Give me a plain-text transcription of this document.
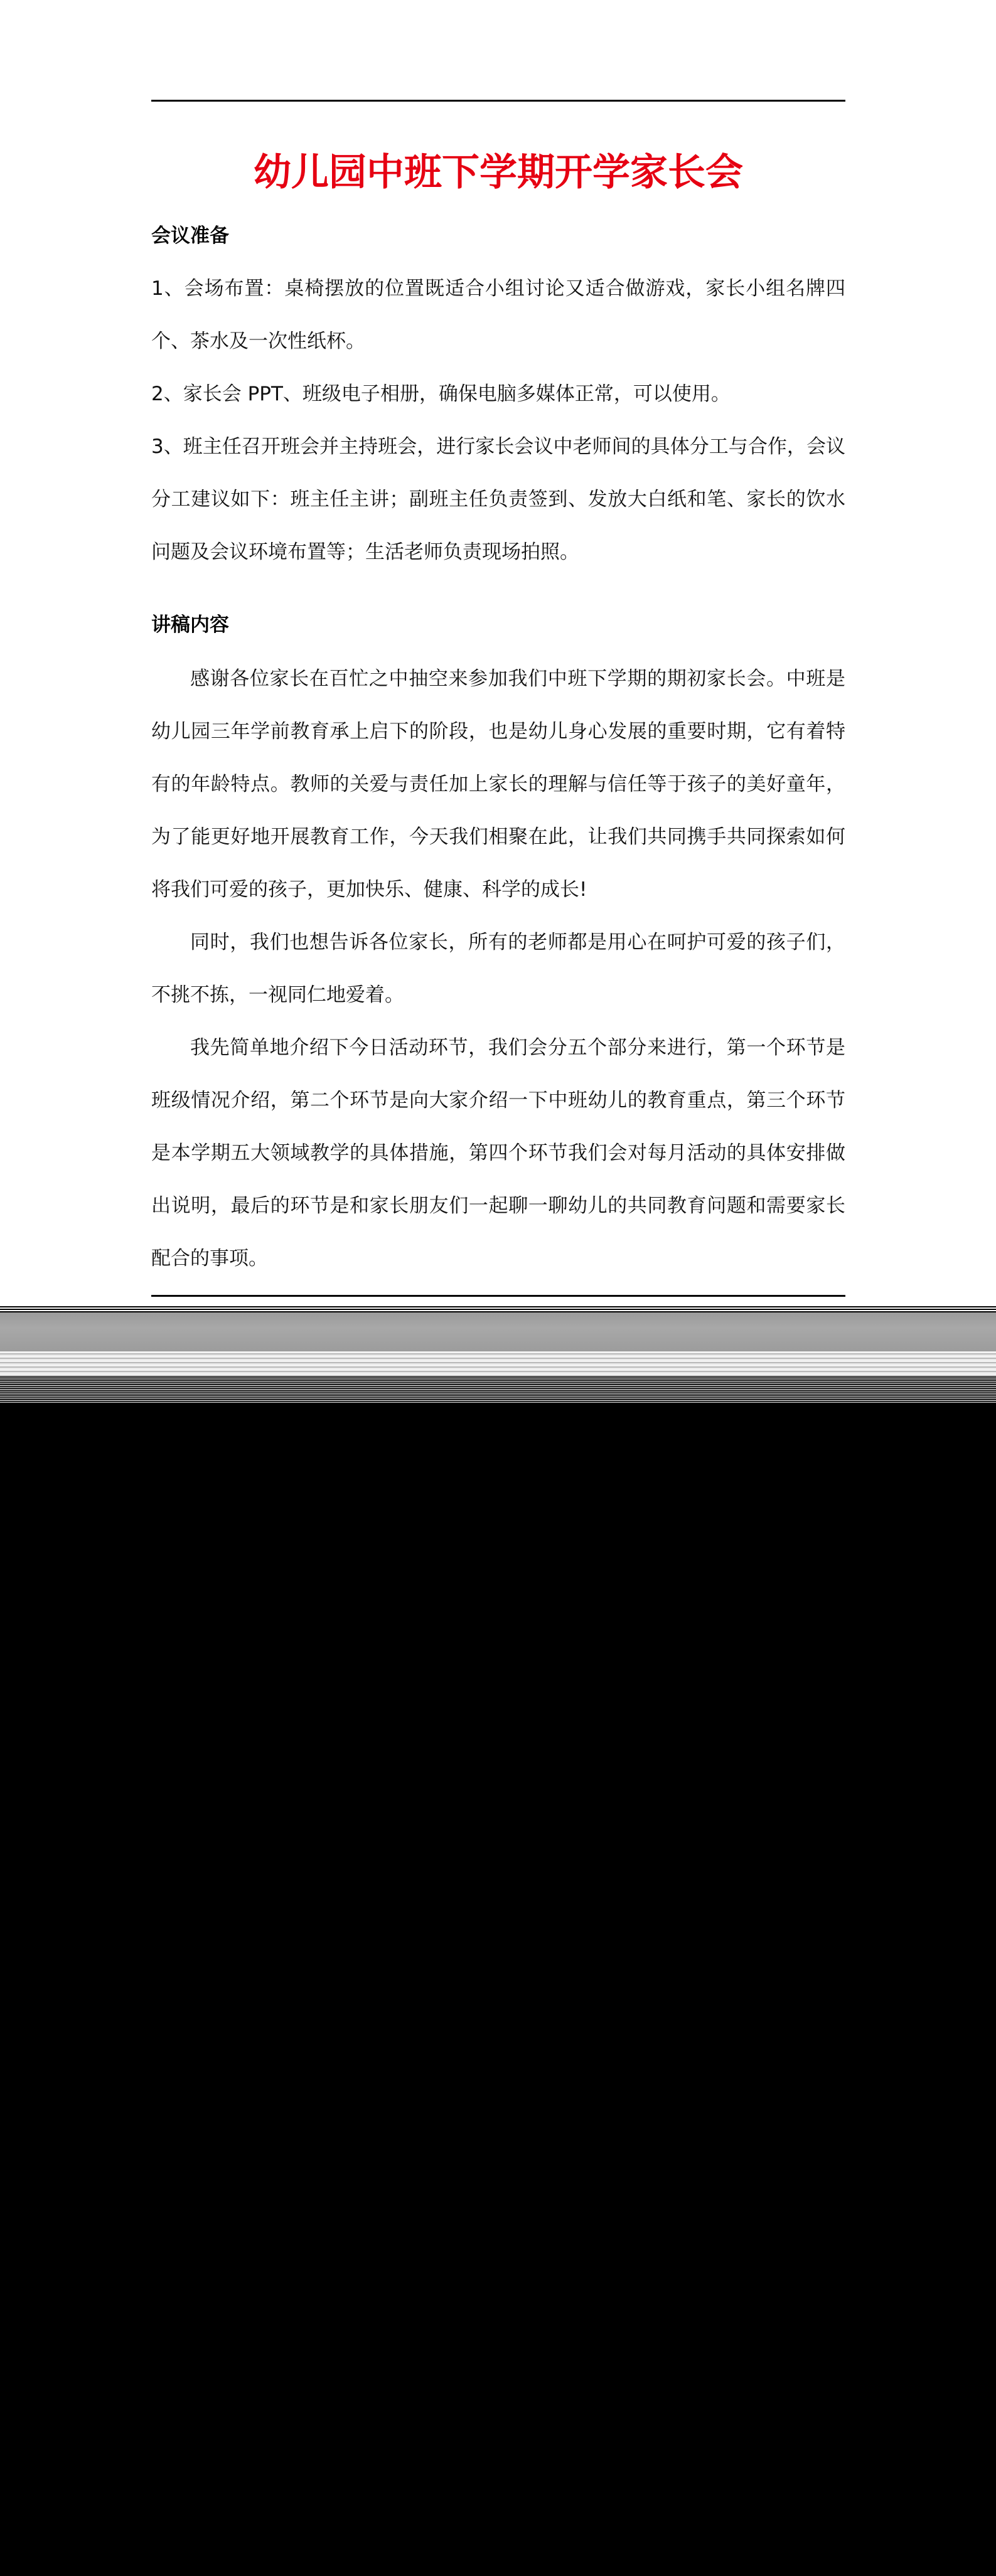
幼儿园中班下学期开学家长会
会议准备

1、会场布置：桌椅摆放的位置既适合小组讨论又适合做游戏，家长小组名牌四个、茶水及一次性纸杯。

2、家长会 PPT、班级电子相册，确保电脑多媒体正常，可以使用。

3、班主任召开班会并主持班会，进行家长会议中老师间的具体分工与合作，会议分工建议如下：班主任主讲；副班主任负责签到、发放大白纸和笔、家长的饮水问题及会议环境布置等；生活老师负责现场拍照。

讲稿内容

感谢各位家长在百忙之中抽空来参加我们中班下学期的期初家长会。中班是幼儿园三年学前教育承上启下的阶段，也是幼儿身心发展的重要时期，它有着特有的年龄特点。教师的关爱与责任加上家长的理解与信任等于孩子的美好童年，为了能更好地开展教育工作，今天我们相聚在此，让我们共同携手共同探索如何将我们可爱的孩子，更加快乐、健康、科学的成长!

同时，我们也想告诉各位家长，所有的老师都是用心在呵护可爱的孩子们，不挑不拣，一视同仁地爱着。

我先简单地介绍下今日活动环节，我们会分五个部分来进行，第一个环节是班级情况介绍，第二个环节是向大家介绍一下中班幼儿的教育重点，第三个环节是本学期五大领域教学的具体措施，第四个环节我们会对每月活动的具体安排做出说明，最后的环节是和家长朋友们一起聊一聊幼儿的共同教育问题和需要家长配合的事项。
